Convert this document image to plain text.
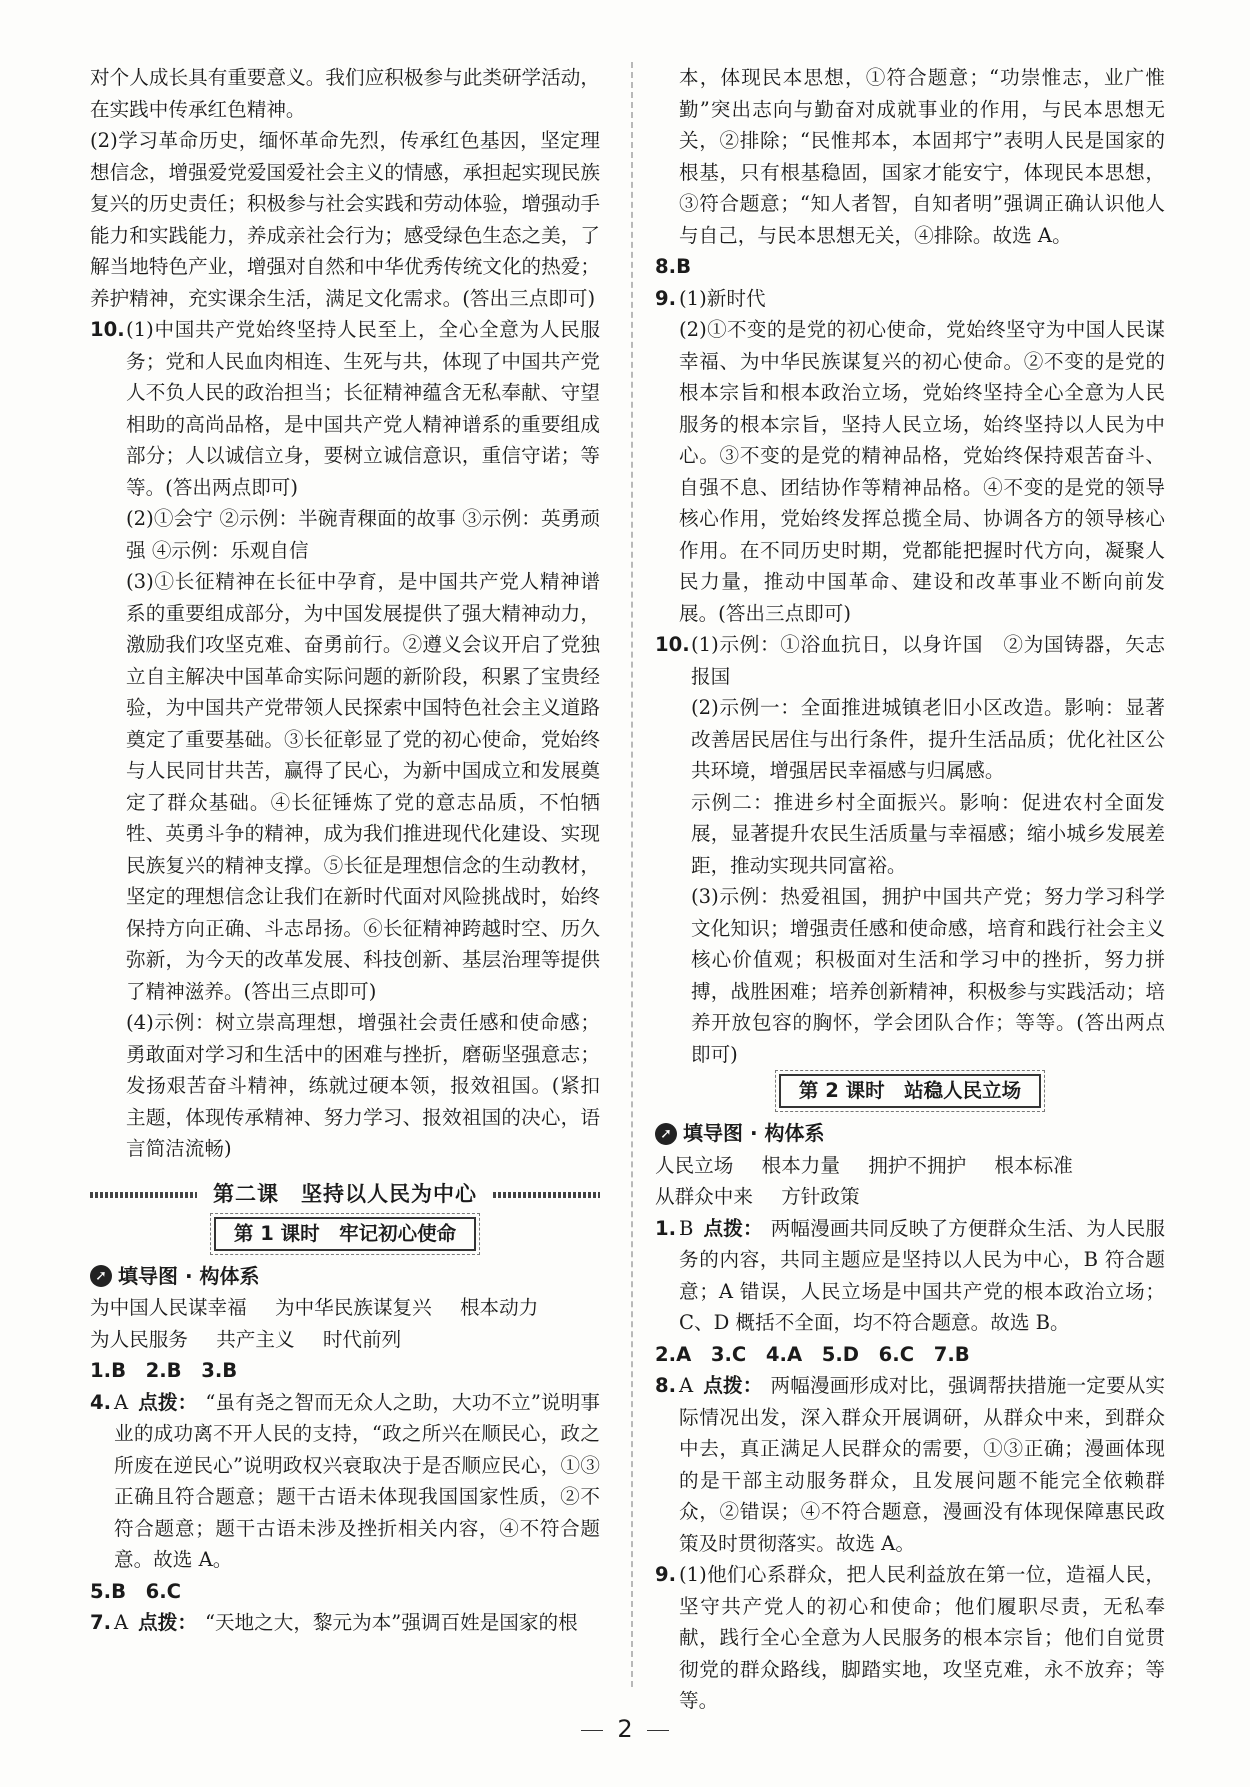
对个人成长具有重要意义。我们应积极参与此类研学活动，在实践中传承红色精神。

(2)学习革命历史，缅怀革命先烈，传承红色基因，坚定理想信念，增强爱党爱国爱社会主义的情感，承担起实现民族复兴的历史责任；积极参与社会实践和劳动体验，增强动手能力和实践能力，养成亲社会行为；感受绿色生态之美，了解当地特色产业，增强对自然和中华优秀传统文化的热爱；养护精神，充实课余生活，满足文化需求。(答出三点即可)

10. (1)中国共产党始终坚持人民至上，全心全意为人民服务；党和人民血肉相连、生死与共，体现了中国共产党人不负人民的政治担当；长征精神蕴含无私奉献、守望相助的高尚品格，是中国共产党人精神谱系的重要组成部分；人以诚信立身，要树立诚信意识，重信守诺；等等。(答出两点即可)

(2)①会宁 ②示例：半碗青稞面的故事 ③示例：英勇顽强 ④示例：乐观自信

(3)①长征精神在长征中孕育，是中国共产党人精神谱系的重要组成部分，为中国发展提供了强大精神动力，激励我们攻坚克难、奋勇前行。②遵义会议开启了党独立自主解决中国革命实际问题的新阶段，积累了宝贵经验，为中国共产党带领人民探索中国特色社会主义道路奠定了重要基础。③长征彰显了党的初心使命，党始终与人民同甘共苦，赢得了民心，为新中国成立和发展奠定了群众基础。④长征锤炼了党的意志品质，不怕牺牲、英勇斗争的精神，成为我们推进现代化建设、实现民族复兴的精神支撑。⑤长征是理想信念的生动教材，坚定的理想信念让我们在新时代面对风险挑战时，始终保持方向正确、斗志昂扬。⑥长征精神跨越时空、历久弥新，为今天的改革发展、科技创新、基层治理等提供了精神滋养。(答出三点即可)

(4)示例：树立崇高理想，增强社会责任感和使命感；勇敢面对学习和生活中的困难与挫折，磨砺坚强意志；发扬艰苦奋斗精神，练就过硬本领，报效祖国。(紧扣主题，体现传承精神、努力学习、报效祖国的决心，语言简洁流畅)

第二课　坚持以人民为中心
第 1 课时　牢记初心使命
➚ 填导图 · 构体系

为中国人民谋幸福 为中华民族谋复兴 根本动力

为人民服务 共产主义 时代前列

1.B　2.B　3.B

4. A 点拨： “虽有尧之智而无众人之助，大功不立”说明事业的成功离不开人民的支持，“政之所兴在顺民心，政之所废在逆民心”说明政权兴衰取决于是否顺应民心，①③正确且符合题意；题干古语未体现我国国家性质，②不符合题意；题干古语未涉及挫折相关内容，④不符合题意。故选 A。

5.B　6.C

7. A 点拨： “天地之大，黎元为本”强调百姓是国家的根

本，体现民本思想，①符合题意；“功崇惟志，业广惟勤”突出志向与勤奋对成就事业的作用，与民本思想无关，②排除；“民惟邦本，本固邦宁”表明人民是国家的根基，只有根基稳固，国家才能安宁，体现民本思想，③符合题意；“知人者智，自知者明”强调正确认识他人与自己，与民本思想无关，④排除。故选 A。

8.B

9. (1)新时代

(2)①不变的是党的初心使命，党始终坚守为中国人民谋幸福、为中华民族谋复兴的初心使命。②不变的是党的根本宗旨和根本政治立场，党始终坚持全心全意为人民服务的根本宗旨，坚持人民立场，始终坚持以人民为中心。③不变的是党的精神品格，党始终保持艰苦奋斗、自强不息、团结协作等精神品格。④不变的是党的领导核心作用，党始终发挥总揽全局、协调各方的领导核心作用。在不同历史时期，党都能把握时代方向，凝聚人民力量，推动中国革命、建设和改革事业不断向前发展。(答出三点即可)

10. (1)示例：①浴血抗日，以身许国　②为国铸器，矢志报国

(2)示例一：全面推进城镇老旧小区改造。影响：显著改善居民居住与出行条件，提升生活品质；优化社区公共环境，增强居民幸福感与归属感。

示例二：推进乡村全面振兴。影响：促进农村全面发展，显著提升农民生活质量与幸福感；缩小城乡发展差距，推动实现共同富裕。

(3)示例：热爱祖国，拥护中国共产党；努力学习科学文化知识；增强责任感和使命感，培育和践行社会主义核心价值观；积极面对生活和学习中的挫折，努力拼搏，战胜困难；培养创新精神，积极参与实践活动；培养开放包容的胸怀，学会团队合作；等等。(答出两点即可)

第 2 课时　站稳人民立场
➚ 填导图 · 构体系

人民立场 根本力量 拥护不拥护 根本标准

从群众中来 方针政策

1. B 点拨： 两幅漫画共同反映了方便群众生活、为人民服务的内容，共同主题应是坚持以人民为中心，B 符合题意；A 错误，人民立场是中国共产党的根本政治立场；C、D 概括不全面，均不符合题意。故选 B。

2.A　3.C　4.A　5.D　6.C　7.B

8. A 点拨： 两幅漫画形成对比，强调帮扶措施一定要从实际情况出发，深入群众开展调研，从群众中来，到群众中去，真正满足人民群众的需要，①③正确；漫画体现的是干部主动服务群众，且发展问题不能完全依赖群众，②错误；④不符合题意，漫画没有体现保障惠民政策及时贯彻落实。故选 A。
9. (1)他们心系群众，把人民利益放在第一位，造福人民，坚守共产党人的初心和使命；他们履职尽责，无私奉献，践行全心全意为人民服务的根本宗旨；他们自觉贯彻党的群众路线，脚踏实地，攻坚克难，永不放弃；等等。
2
